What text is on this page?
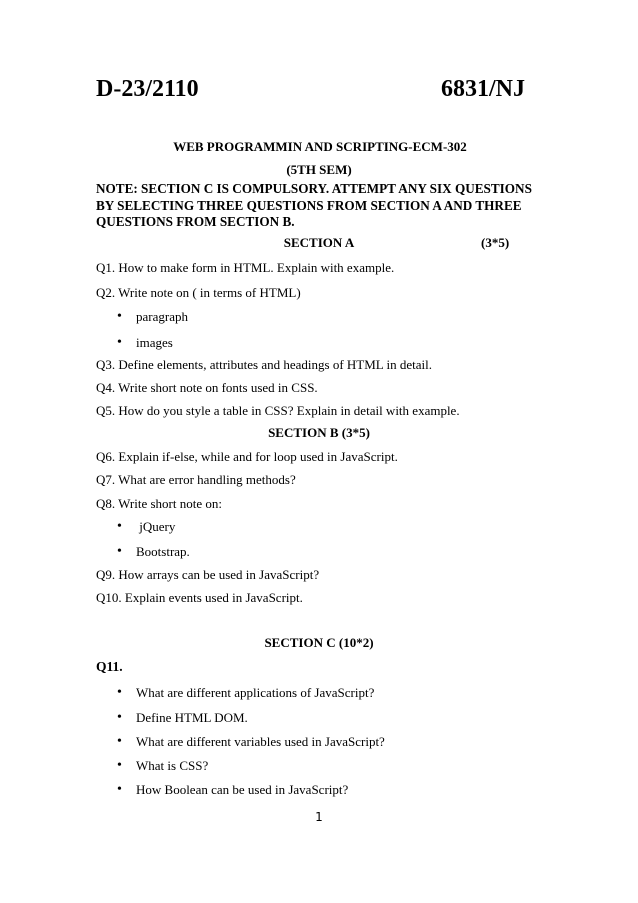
D-23/2110	6831/NJ
WEB PROGRAMMIN AND SCRIPTING-ECM-302
(5TH SEM)
NOTE: SECTION C IS COMPULSORY. ATTEMPT ANY SIX QUESTIONS BY SELECTING THREE QUESTIONS FROM SECTION A AND THREE QUESTIONS FROM SECTION B.
SECTION A	(3*5)
Q1. How to make form in HTML. Explain with example.
Q2. Write note on ( in terms of HTML)
• paragraph
• images
Q3. Define elements, attributes and headings of HTML in detail.
Q4. Write short note on fonts used in CSS.
Q5. How do you style a table in CSS? Explain in detail with example.
SECTION B (3*5)
Q6. Explain if-else, while and for loop used in JavaScript.
Q7. What are error handling methods?
Q8. Write short note on:
• jQuery
• Bootstrap.
Q9. How arrays can be used in JavaScript?
Q10. Explain events used in JavaScript.
SECTION C (10*2)
Q11.
• What are different applications of JavaScript?
• Define HTML DOM.
• What are different variables used in JavaScript?
• What is CSS?
• How Boolean can be used in JavaScript?
1
